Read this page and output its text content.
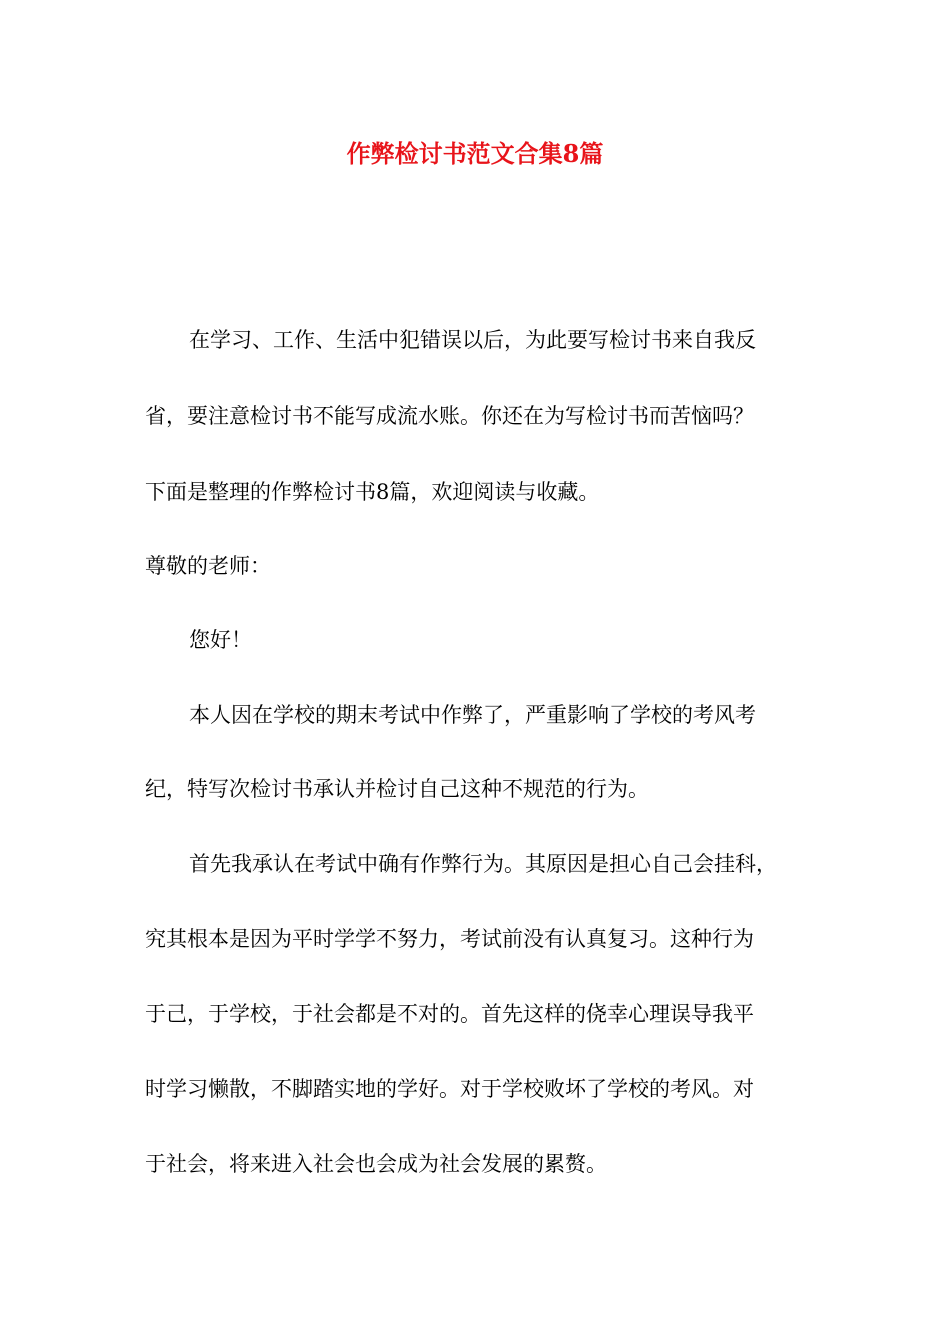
作弊检讨书范文合集8篇

在学习、工作、生活中犯错误以后，为此要写检讨书来自我反

省，要注意检讨书不能写成流水账。你还在为写检讨书而苦恼吗？

下面是整理的作弊检讨书8篇，欢迎阅读与收藏。

尊敬的老师：

您好！

本人因在学校的期末考试中作弊了，严重影响了学校的考风考

纪，特写次检讨书承认并检讨自己这种不规范的行为。

首先我承认在考试中确有作弊行为。其原因是担心自己会挂科，

究其根本是因为平时学学不努力，考试前没有认真复习。这种行为

于己，于学校，于社会都是不对的。首先这样的侥幸心理误导我平

时学习懒散，不脚踏实地的学好。对于学校败坏了学校的考风。对

于社会，将来进入社会也会成为社会发展的累赘。
